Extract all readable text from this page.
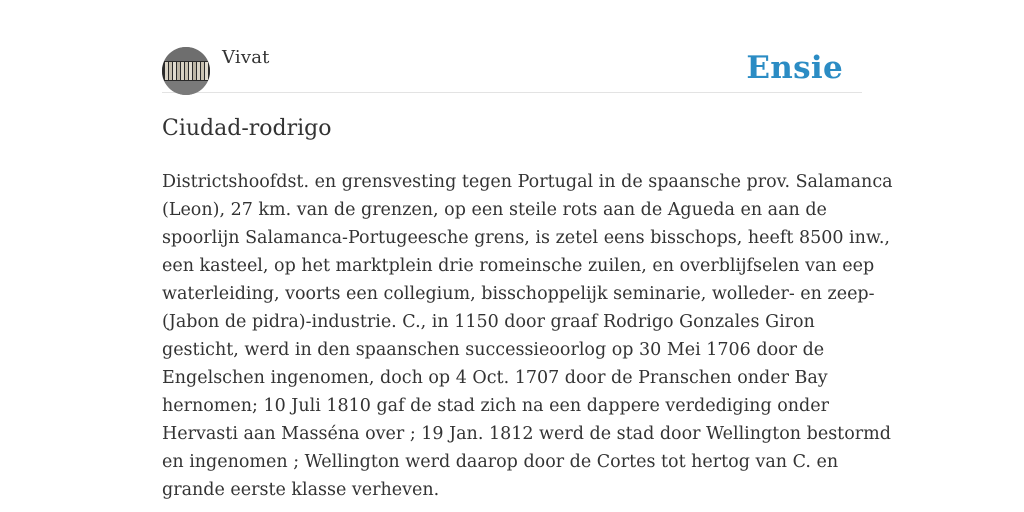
Vivat	Ensie
Ciudad-rodrigo

Districtshoofdst. en grensvesting tegen Portugal in de spaansche prov. Salamanca
(Leon), 27 km. van de grenzen, op een steile rots aan de Agueda en aan de
spoorlijn Salamanca-Portugeesche grens, is zetel eens bisschops, heeft 8500 inw.,
een kasteel, op het marktplein drie romeinsche zuilen, en overblijfselen van eep
waterleiding, voorts een collegium, bisschoppelijk seminarie, wolleder- en zeep-
(Jabon de pidra)-industrie. C., in 1150 door graaf Rodrigo Gonzales Giron
gesticht, werd in den spaanschen successieoorlog op 30 Mei 1706 door de
Engelschen ingenomen, doch op 4 Oct. 1707 door de Pranschen onder Bay
hernomen; 10 Juli 1810 gaf de stad zich na een dappere verdediging onder
Hervasti aan Masséna over ; 19 Jan. 1812 werd de stad door Wellington bestormd
en ingenomen ; Wellington werd daarop door de Cortes tot hertog van C. en
grande eerste klasse verheven.
